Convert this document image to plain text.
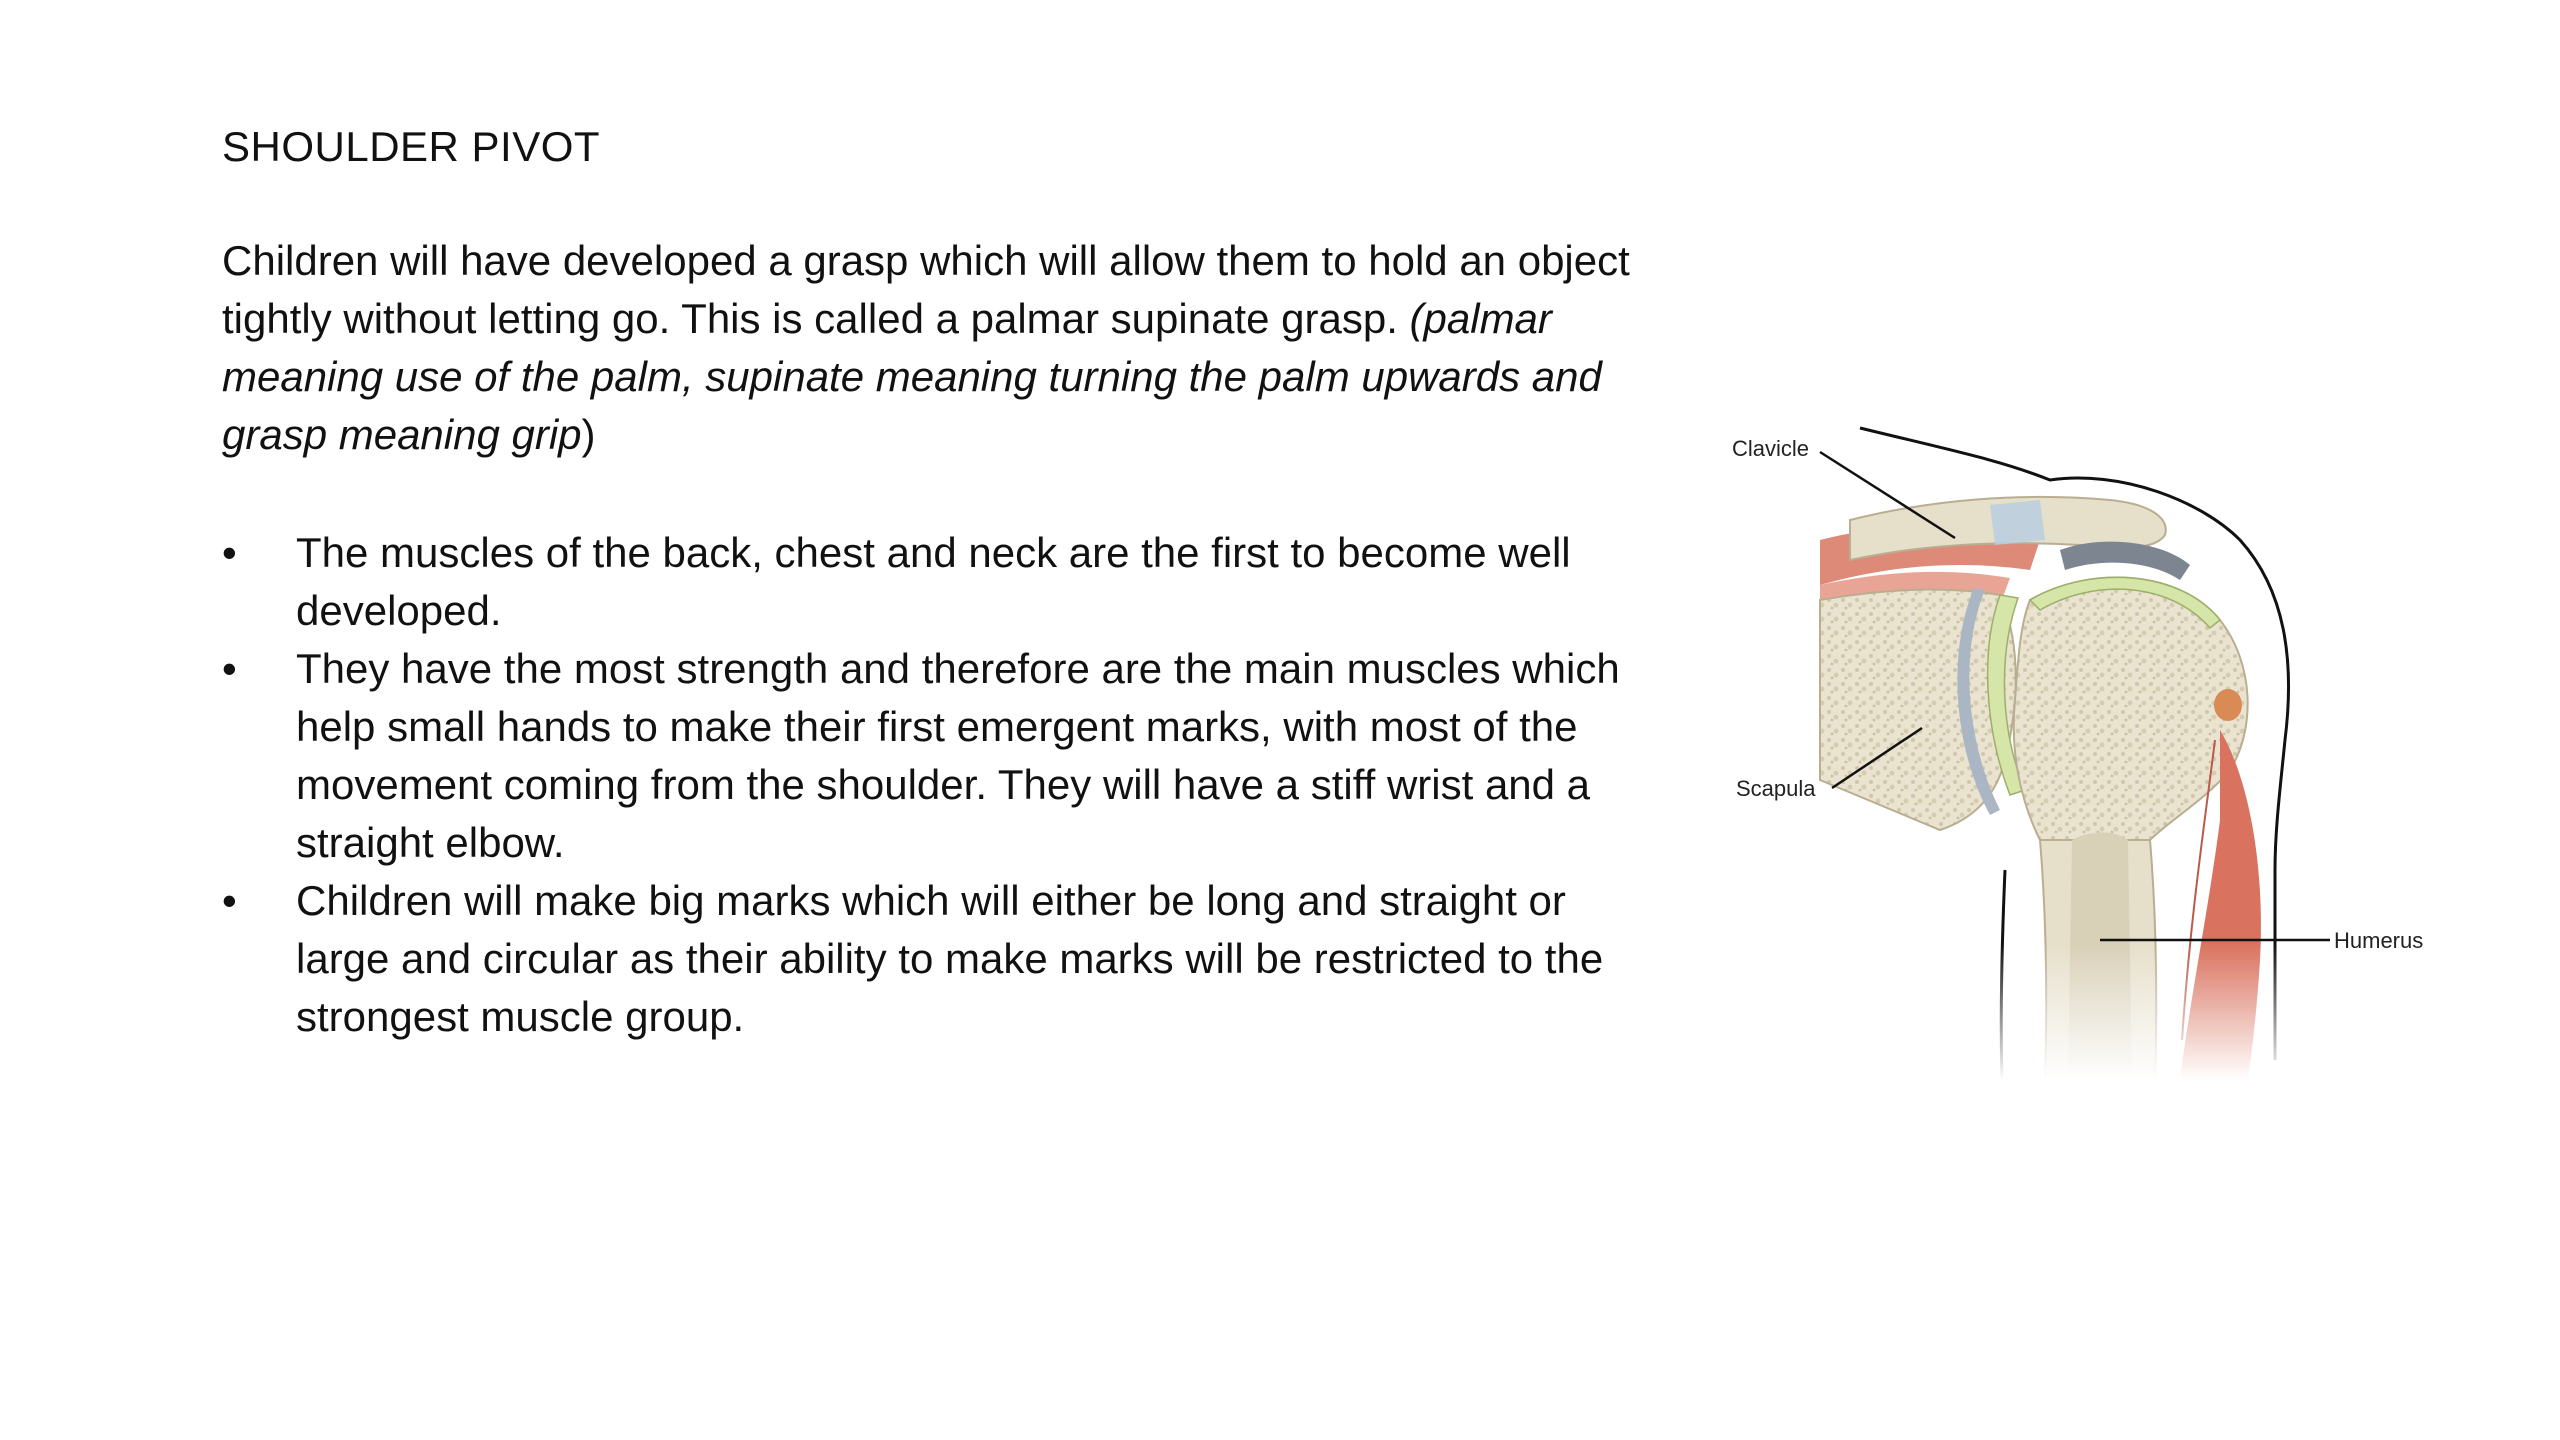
SHOULDER PIVOT

Children will have developed a grasp which will allow them to hold an object tightly without letting go. This is called a palmar supinate grasp. (palmar meaning use of the palm, supinate meaning turning the palm upwards and grasp meaning grip)

• The muscles of the back, chest and neck are the first to become well developed.
• They have the most strength and therefore are the main muscles which help small hands to make their first emergent marks, with most of the movement coming from the shoulder. They will have a stiff wrist and a straight elbow.
• Children will make big marks which will either be long and straight or large and circular as their ability to make marks will be restricted to the strongest muscle group.
Clavicle
Scapula
Humerus
